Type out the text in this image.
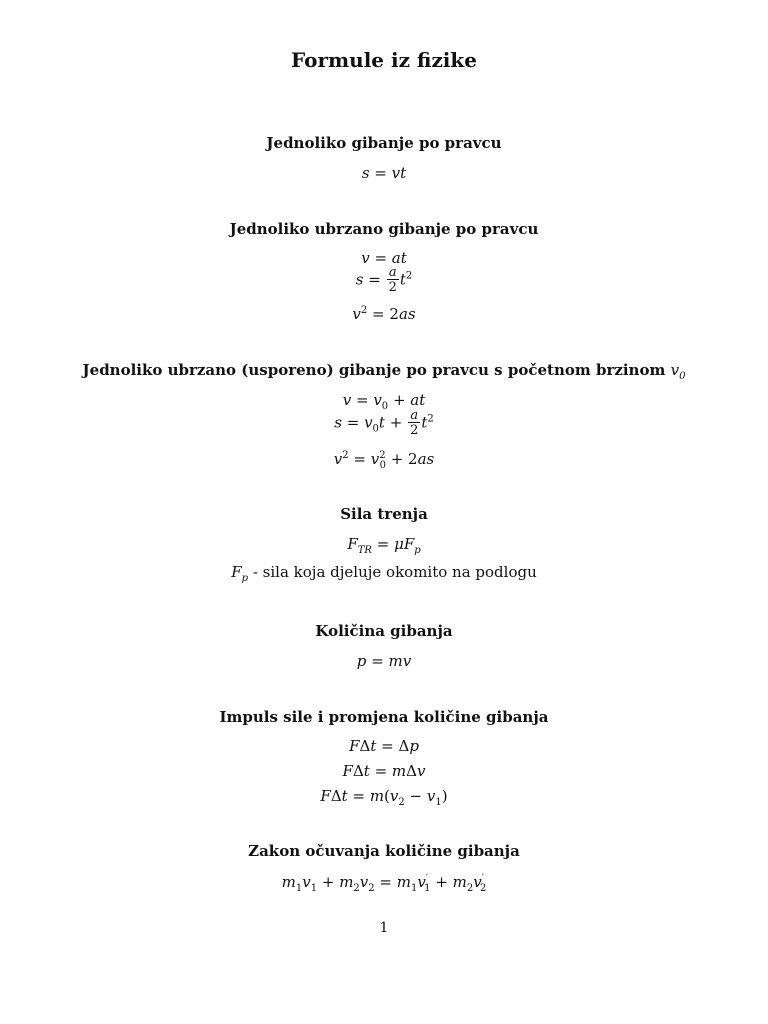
Formule iz fizike
Jednoliko gibanje po pravcu
s = vt
Jednoliko ubrzano gibanje po pravcu
v = at
$s = \frac{a}{2} t^2$
$v^2 = 2as$
Jednoliko ubrzano (usporeno) gibanje po pravcu s početnom brzinom $v_0$
$v = v_0$ + at
$s = v_0t + \frac{a}{2} t^2$
$v^2 = v^2_0 + 2as$
Sila trenja
$F_{TR} = \mu F_p$
$F_p$ - sila koja djeluje okomito na podlogu
Količina gibanja
p = mv
Impuls sile i promjena količine gibanja
FΔt = Δp
FΔt = mΔv
$F\Delta t = m(v_2 - v_1)$
Zakon očuvanja količine gibanja
$m_1v_1 + m_2v_2 = m_1v'_1 + m_2v'_2$
1
